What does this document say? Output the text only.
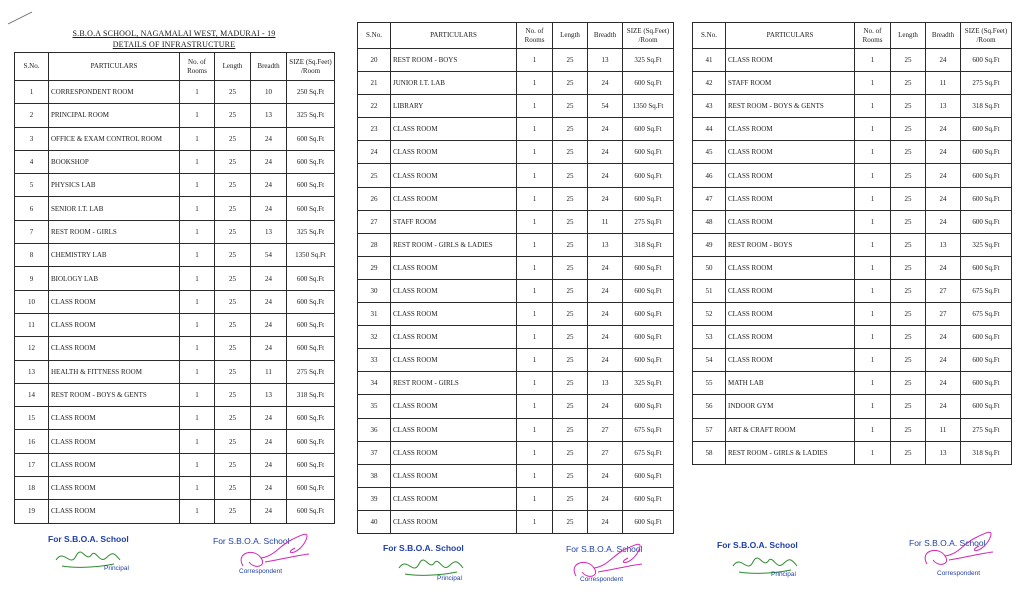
S.B.O.A SCHOOL, NAGAMALAI WEST, MADURAI - 19
DETAILS OF INFRASTRUCTURE
S.No.	PARTICULARS	No. of Rooms	Length	Breadth	SIZE (Sq.Feet) /Room
1	CORRESPONDENT ROOM	1	25	10	250 Sq.Ft
2	PRINCIPAL ROOM	1	25	13	325 Sq.Ft
3	OFFICE & EXAM CONTROL ROOM	1	25	24	600 Sq.Ft
4	BOOKSHOP	1	25	24	600 Sq.Ft
5	PHYSICS LAB	1	25	24	600 Sq.Ft
6	SENIOR I.T. LAB	1	25	24	600 Sq.Ft
7	REST ROOM - GIRLS	1	25	13	325 Sq.Ft
8	CHEMISTRY LAB	1	25	54	1350 Sq.Ft
9	BIOLOGY LAB	1	25	24	600 Sq.Ft
10	CLASS ROOM	1	25	24	600 Sq.Ft
11	CLASS ROOM	1	25	24	600 Sq.Ft
12	CLASS ROOM	1	25	24	600 Sq.Ft
13	HEALTH & FITTNESS ROOM	1	25	11	275 Sq.Ft
14	REST ROOM - BOYS & GENTS	1	25	13	318 Sq.Ft
15	CLASS ROOM	1	25	24	600 Sq.Ft
16	CLASS ROOM	1	25	24	600 Sq.Ft
17	CLASS ROOM	1	25	24	600 Sq.Ft
18	CLASS ROOM	1	25	24	600 Sq.Ft
19	CLASS ROOM	1	25	24	600 Sq.Ft
S.No.	PARTICULARS	No. of Rooms	Length	Breadth	SIZE (Sq.Feet) /Room
20	REST ROOM - BOYS	1	25	13	325 Sq.Ft
21	JUNIOR I.T. LAB	1	25	24	600 Sq.Ft
22	LIBRARY	1	25	54	1350 Sq.Ft
23	CLASS ROOM	1	25	24	600 Sq.Ft
24	CLASS ROOM	1	25	24	600 Sq.Ft
25	CLASS ROOM	1	25	24	600 Sq.Ft
26	CLASS ROOM	1	25	24	600 Sq.Ft
27	STAFF ROOM	1	25	11	275 Sq.Ft
28	REST ROOM - GIRLS & LADIES	1	25	13	318 Sq.Ft
29	CLASS ROOM	1	25	24	600 Sq.Ft
30	CLASS ROOM	1	25	24	600 Sq.Ft
31	CLASS ROOM	1	25	24	600 Sq.Ft
32	CLASS ROOM	1	25	24	600 Sq.Ft
33	CLASS ROOM	1	25	24	600 Sq.Ft
34	REST ROOM - GIRLS	1	25	13	325 Sq.Ft
35	CLASS ROOM	1	25	24	600 Sq.Ft
36	CLASS ROOM	1	25	27	675 Sq.Ft
37	CLASS ROOM	1	25	27	675 Sq.Ft
38	CLASS ROOM	1	25	24	600 Sq.Ft
39	CLASS ROOM	1	25	24	600 Sq.Ft
40	CLASS ROOM	1	25	24	600 Sq.Ft
S.No.	PARTICULARS	No. of Rooms	Length	Breadth	SIZE (Sq.Feet) /Room
41	CLASS ROOM	1	25	24	600 Sq.Ft
42	STAFF ROOM	1	25	11	275 Sq.Ft
43	REST ROOM - BOYS & GENTS	1	25	13	318 Sq.Ft
44	CLASS ROOM	1	25	24	600 Sq.Ft
45	CLASS ROOM	1	25	24	600 Sq.Ft
46	CLASS ROOM	1	25	24	600 Sq.Ft
47	CLASS ROOM	1	25	24	600 Sq.Ft
48	CLASS ROOM	1	25	24	600 Sq.Ft
49	REST ROOM - BOYS	1	25	13	325 Sq.Ft
50	CLASS ROOM	1	25	24	600 Sq.Ft
51	CLASS ROOM	1	25	27	675 Sq.Ft
52	CLASS ROOM	1	25	27	675 Sq.Ft
53	CLASS ROOM	1	25	24	600 Sq.Ft
54	CLASS ROOM	1	25	24	600 Sq.Ft
55	MATH LAB	1	25	24	600 Sq.Ft
56	INDOOR GYM	1	25	24	600 Sq.Ft
57	ART & CRAFT ROOM	1	25	11	275 Sq.Ft
58	REST ROOM - GIRLS & LADIES	1	25	13	318 Sq.Ft
For S.B.O.A. School
Principal
For S.B.O.A. School
Correspondent
For S.B.O.A. School
Principal
For S.B.O.A. School
Correspondent
For S.B.O.A. School
Principal
For S.B.O.A. School
Correspondent
